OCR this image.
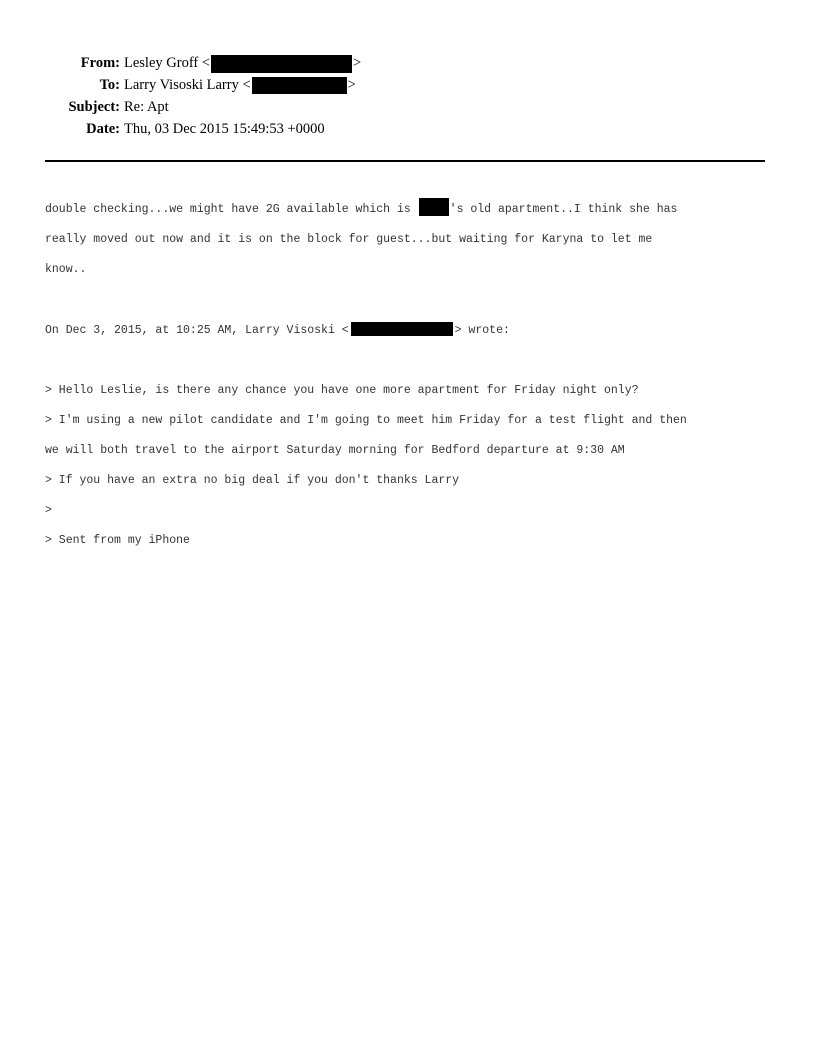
From: Lesley Groff <	>
To: Larry Visoski Larry <	>
Subject: Re: Apt
Date: Thu, 03 Dec 2015 15:49:53 +0000

double checking...we might have 2G available which is	's old apartment..I think she has

really moved out now and it is on the block for guest...but waiting for Karyna to let me

know..

On Dec 3, 2015, at 10:25 AM, Larry Visoski <	> wrote:

> Hello Leslie, is there any chance you have one more apartment for Friday night only?

> I'm using a new pilot candidate and I'm going to meet him Friday for a test flight and then

we will both travel to the airport Saturday morning for Bedford departure at 9:30 AM

> If you have an extra no big deal if you don't thanks Larry

>

> Sent from my iPhone
